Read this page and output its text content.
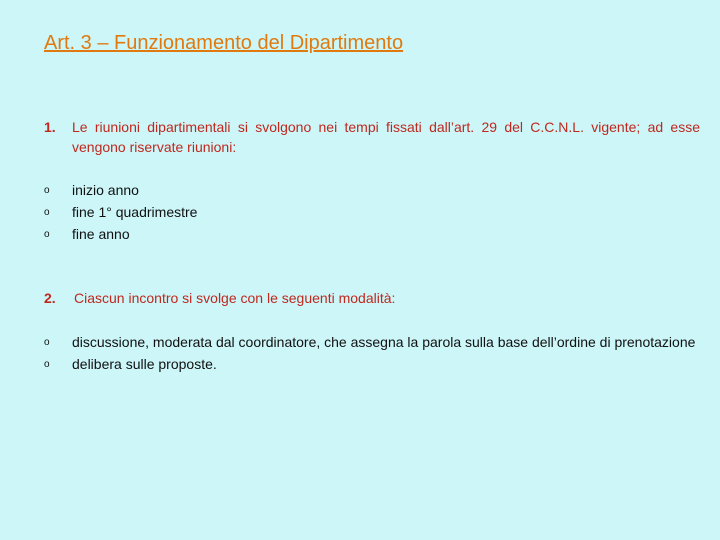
Art. 3 – Funzionamento del Dipartimento
1. Le riunioni dipartimentali si svolgono nei tempi fissati dall’art. 29 del C.C.N.L. vigente; ad esse vengono riservate riunioni:
o inizio anno
o fine 1° quadrimestre
o fine anno
2. Ciascun incontro si svolge con le seguenti modalità:
o discussione, moderata dal coordinatore, che assegna la parola sulla base dell’ordine di prenotazione
o delibera sulle proposte.
